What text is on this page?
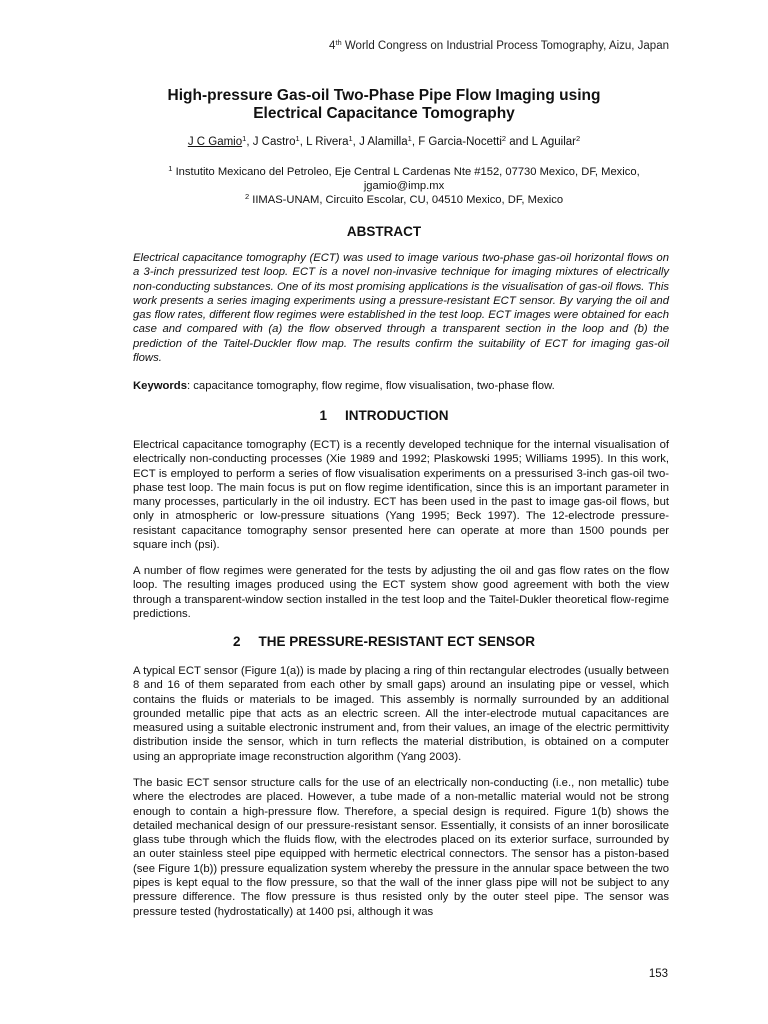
4th World Congress on Industrial Process Tomography, Aizu, Japan
High-pressure Gas-oil Two-Phase Pipe Flow Imaging using
Electrical Capacitance Tomography
J C Gamio$^1$, J Castro$^1$, L Rivera$^1$, J Alamilla$^1$, F Garcia-Nocetti$^2$ and L Aguilar$^2$
$^1$ Instutito Mexicano del Petroleo, Eje Central L Cardenas Nte #152, 07730 Mexico, DF, Mexico,
jgamio@imp.mx
$^2$ IIMAS-UNAM, Circuito Escolar, CU, 04510 Mexico, DF, Mexico
ABSTRACT

Electrical capacitance tomography (ECT) was used to image various two-phase gas-oil horizontal flows on a 3-inch pressurized test loop. ECT is a novel non-invasive technique for imaging mixtures of electrically non-conducting substances. One of its most promising applications is the visualisation of gas-oil flows. This work presents a series imaging experiments using a pressure-resistant ECT sensor. By varying the oil and gas flow rates, different flow regimes were established in the test loop. ECT images were obtained for each case and compared with (a) the flow observed through a transparent section in the loop and (b) the prediction of the Taitel-Duckler flow map. The results confirm the suitability of ECT for imaging gas-oil flows.

Keywords: capacitance tomography, flow regime, flow visualisation, two-phase flow.

1 INTRODUCTION

Electrical capacitance tomography (ECT) is a recently developed technique for the internal visualisation of electrically non-conducting processes (Xie 1989 and 1992; Plaskowski 1995; Williams 1995). In this work, ECT is employed to perform a series of flow visualisation experiments on a pressurised 3-inch gas-oil two-phase test loop. The main focus is put on flow regime identification, since this is an important parameter in many processes, particularly in the oil industry. ECT has been used in the past to image gas-oil flows, but only in atmospheric or low-pressure situations (Yang 1995; Beck 1997). The 12-electrode pressure-resistant capacitance tomography sensor presented here can operate at more than 1500 pounds per square inch (psi).

A number of flow regimes were generated for the tests by adjusting the oil and gas flow rates on the flow loop. The resulting images produced using the ECT system show good agreement with both the view through a transparent-window section installed in the test loop and the Taitel-Dukler theoretical flow-regime predictions.

2 THE PRESSURE-RESISTANT ECT SENSOR

A typical ECT sensor (Figure 1(a)) is made by placing a ring of thin rectangular electrodes (usually between 8 and 16 of them separated from each other by small gaps) around an insulating pipe or vessel, which contains the fluids or materials to be imaged. This assembly is normally surrounded by an additional grounded metallic pipe that acts as an electric screen. All the inter-electrode mutual capacitances are measured using a suitable electronic instrument and, from their values, an image of the electric permittivity distribution inside the sensor, which in turn reflects the material distribution, is obtained on a computer using an appropriate image reconstruction algorithm (Yang 2003).

The basic ECT sensor structure calls for the use of an electrically non-conducting (i.e., non metallic) tube where the electrodes are placed. However, a tube made of a non-metallic material would not be strong enough to contain a high-pressure flow. Therefore, a special design is required. Figure 1(b) shows the detailed mechanical design of our pressure-resistant sensor. Essentially, it consists of an inner borosilicate glass tube through which the fluids flow, with the electrodes placed on its exterior surface, surrounded by an outer stainless steel pipe equipped with hermetic electrical connectors. The sensor has a piston-based (see Figure 1(b)) pressure equalization system whereby the pressure in the annular space between the two pipes is kept equal to the flow pressure, so that the wall of the inner glass pipe will not be subject to any pressure difference. The flow pressure is thus resisted only by the outer steel pipe. The sensor was pressure tested (hydrostatically) at 1400 psi, although it was

153
